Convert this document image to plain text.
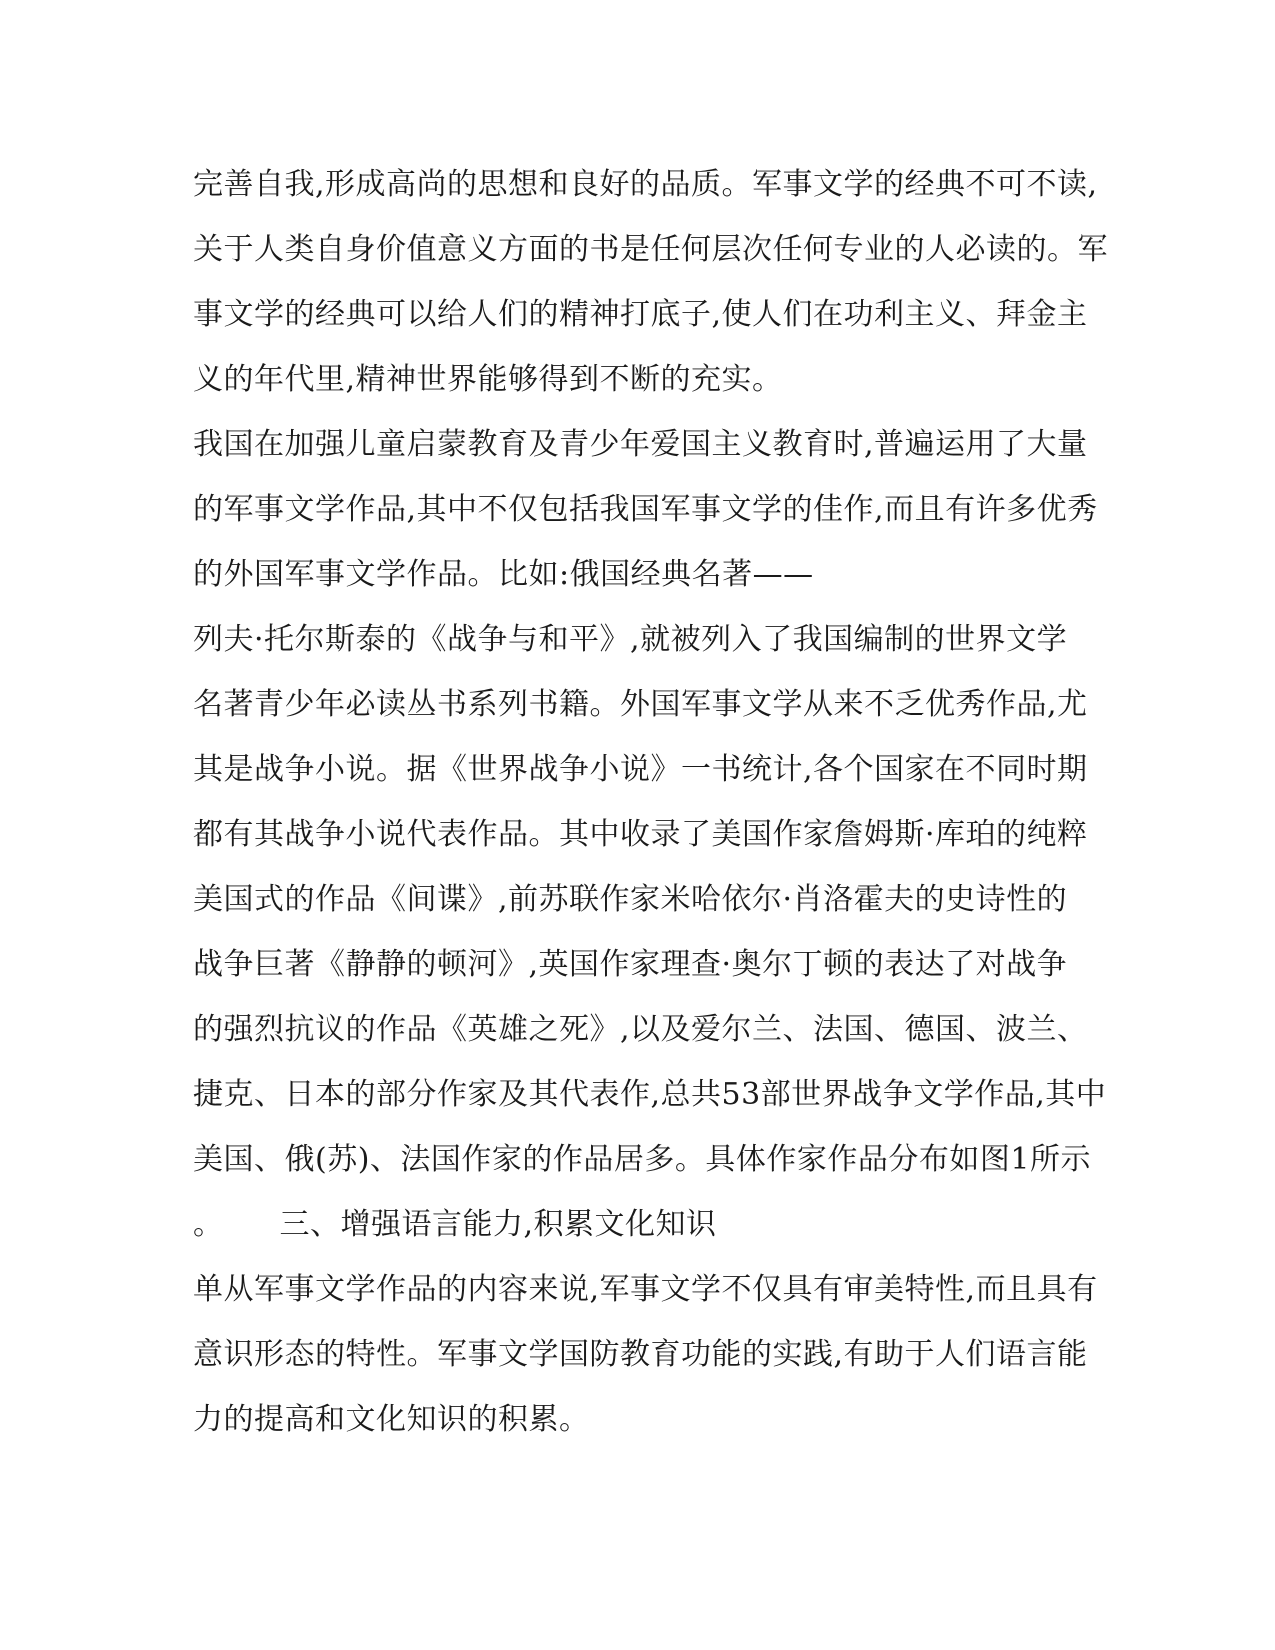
完善自我,形成高尚的思想和良好的品质。军事文学的经典不可不读,
关于人类自身价值意义方面的书是任何层次任何专业的人必读的。军
事文学的经典可以给人们的精神打底子,使人们在功利主义、拜金主
义的年代里,精神世界能够得到不断的充实。
我国在加强儿童启蒙教育及青少年爱国主义教育时,普遍运用了大量
的军事文学作品,其中不仅包括我国军事文学的佳作,而且有许多优秀
的外国军事文学作品。比如:俄国经典名著——
列夫·托尔斯泰的《战争与和平》,就被列入了我国编制的世界文学
名著青少年必读丛书系列书籍。外国军事文学从来不乏优秀作品,尤
其是战争小说。据《世界战争小说》一书统计,各个国家在不同时期
都有其战争小说代表作品。其中收录了美国作家詹姆斯·库珀的纯粹
美国式的作品《间谍》,前苏联作家米哈依尔·肖洛霍夫的史诗性的
战争巨著《静静的顿河》,英国作家理查·奥尔丁顿的表达了对战争
的强烈抗议的作品《英雄之死》,以及爱尔兰、法国、德国、波兰、
捷克、日本的部分作家及其代表作,总共53部世界战争文学作品,其中
美国、俄(苏)、法国作家的作品居多。具体作家作品分布如图1所示
。 三、增强语言能力,积累文化知识
单从军事文学作品的内容来说,军事文学不仅具有审美特性,而且具有
意识形态的特性。军事文学国防教育功能的实践,有助于人们语言能
力的提高和文化知识的积累。
